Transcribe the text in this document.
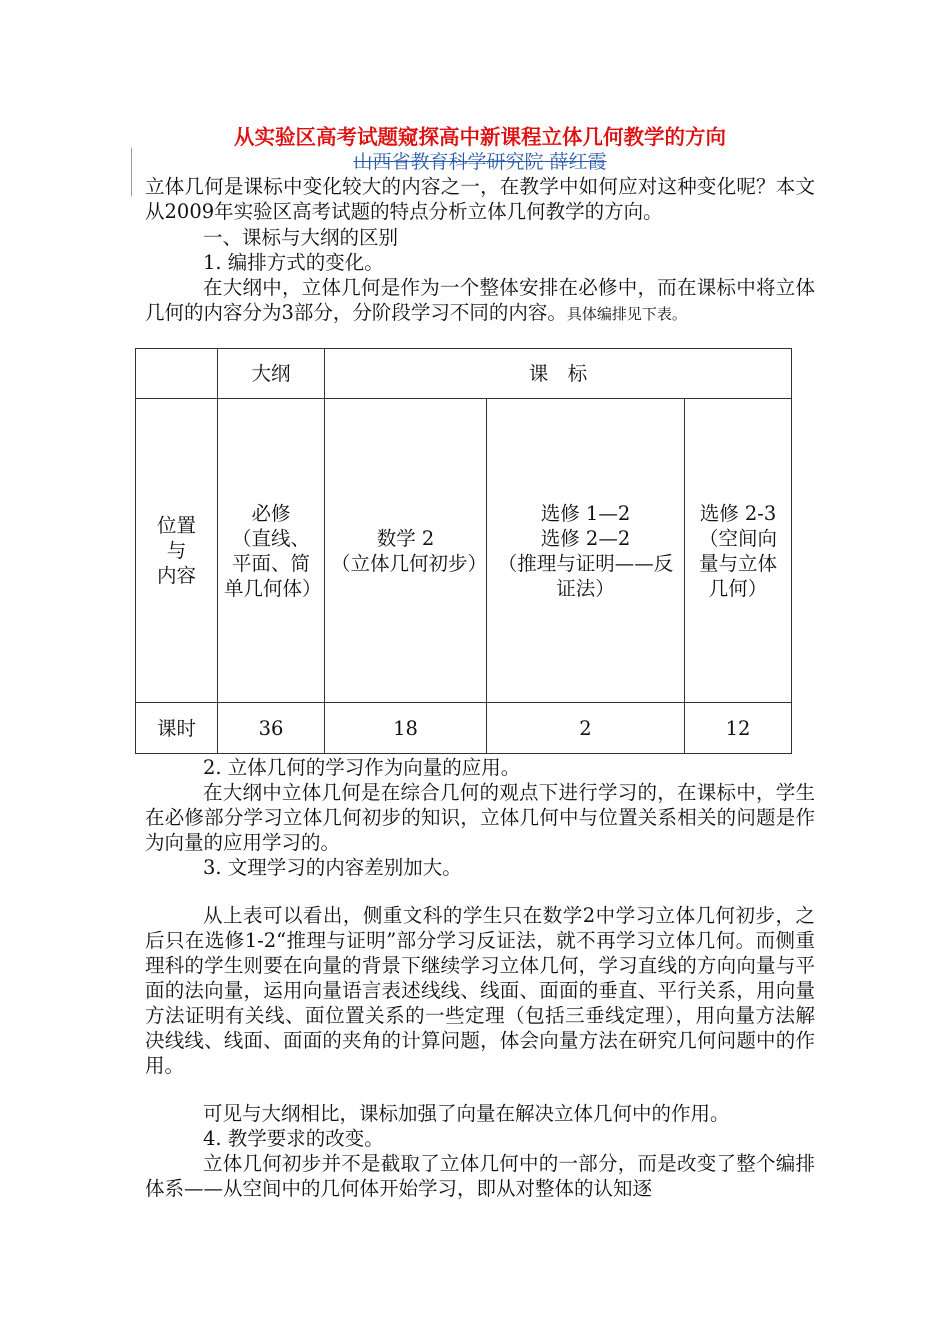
从实验区高考试题窥探高中新课程立体几何教学的方向
山西省教育科学研究院 薛红霞
立体几何是课标中变化较大的内容之一，在教学中如何应对这种变化呢？本文从2009年实验区高考试题的特点分析立体几何教学的方向。
一、课标与大纲的区别
1. 编排方式的变化。
在大纲中，立体几何是作为一个整体安排在必修中，而在课标中将立体几何的内容分为3部分，分阶段学习不同的内容。具体编排见下表。
	大纲	课　标		
位置
与
内容	必修
（直线、平面、简单几何体）	数学 2
（立体几何初步）	选修 1—2
选修 2—2
（推理与证明——反证法）	选修 2-3
（空间向量与立体几何）
课时	36	18	2	12
2. 立体几何的学习作为向量的应用。
在大纲中立体几何是在综合几何的观点下进行学习的，在课标中，学生在必修部分学习立体几何初步的知识，立体几何中与位置关系相关的问题是作为向量的应用学习的。
3. 文理学习的内容差别加大。
从上表可以看出，侧重文科的学生只在数学2中学习立体几何初步，之后只在选修1-2“推理与证明”部分学习反证法，就不再学习立体几何。而侧重理科的学生则要在向量的背景下继续学习立体几何，学习直线的方向向量与平面的法向量，运用向量语言表述线线、线面、面面的垂直、平行关系，用向量方法证明有关线、面位置关系的一些定理（包括三垂线定理），用向量方法解决线线、线面、面面的夹角的计算问题，体会向量方法在研究几何问题中的作用。
可见与大纲相比，课标加强了向量在解决立体几何中的作用。
4. 教学要求的改变。
立体几何初步并不是截取了立体几何中的一部分，而是改变了整个编排体系——从空间中的几何体开始学习，即从对整体的认知逐
